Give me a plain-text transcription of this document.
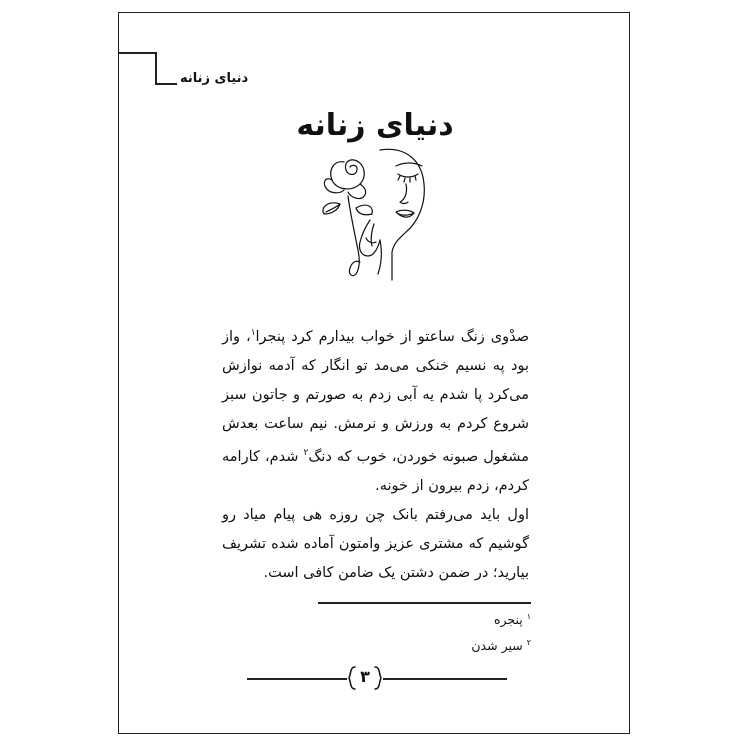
دنیای زنانه
دنیای زنانه

صدْوی زنگ ساعتو از خواب بیدارم کرد پنجرا$^١$، واز بود په نسیم خنکی می‌مد تو انگار که آدمه نوازش می‌کرد پا شدم یه آبی زدم به صورتم و جاتون سبز شروع کردم به ورزش و نرمش. نیم ساعت بعدش مشغول صبونه خوردن، خوب که دنگ$^٢$ شدم، کارامه کردم، زدم بیرون از خونه.

اول باید می‌رفتم بانک چن روزه هی پیام میاد رو گوشیم که مشتری عزیز وامتون آماده شده تشریف بیارید؛ در ضمن دشتن یک ضامن کافی است.

$^١$ پنجره
$^٢$ سیر شدن
٣
